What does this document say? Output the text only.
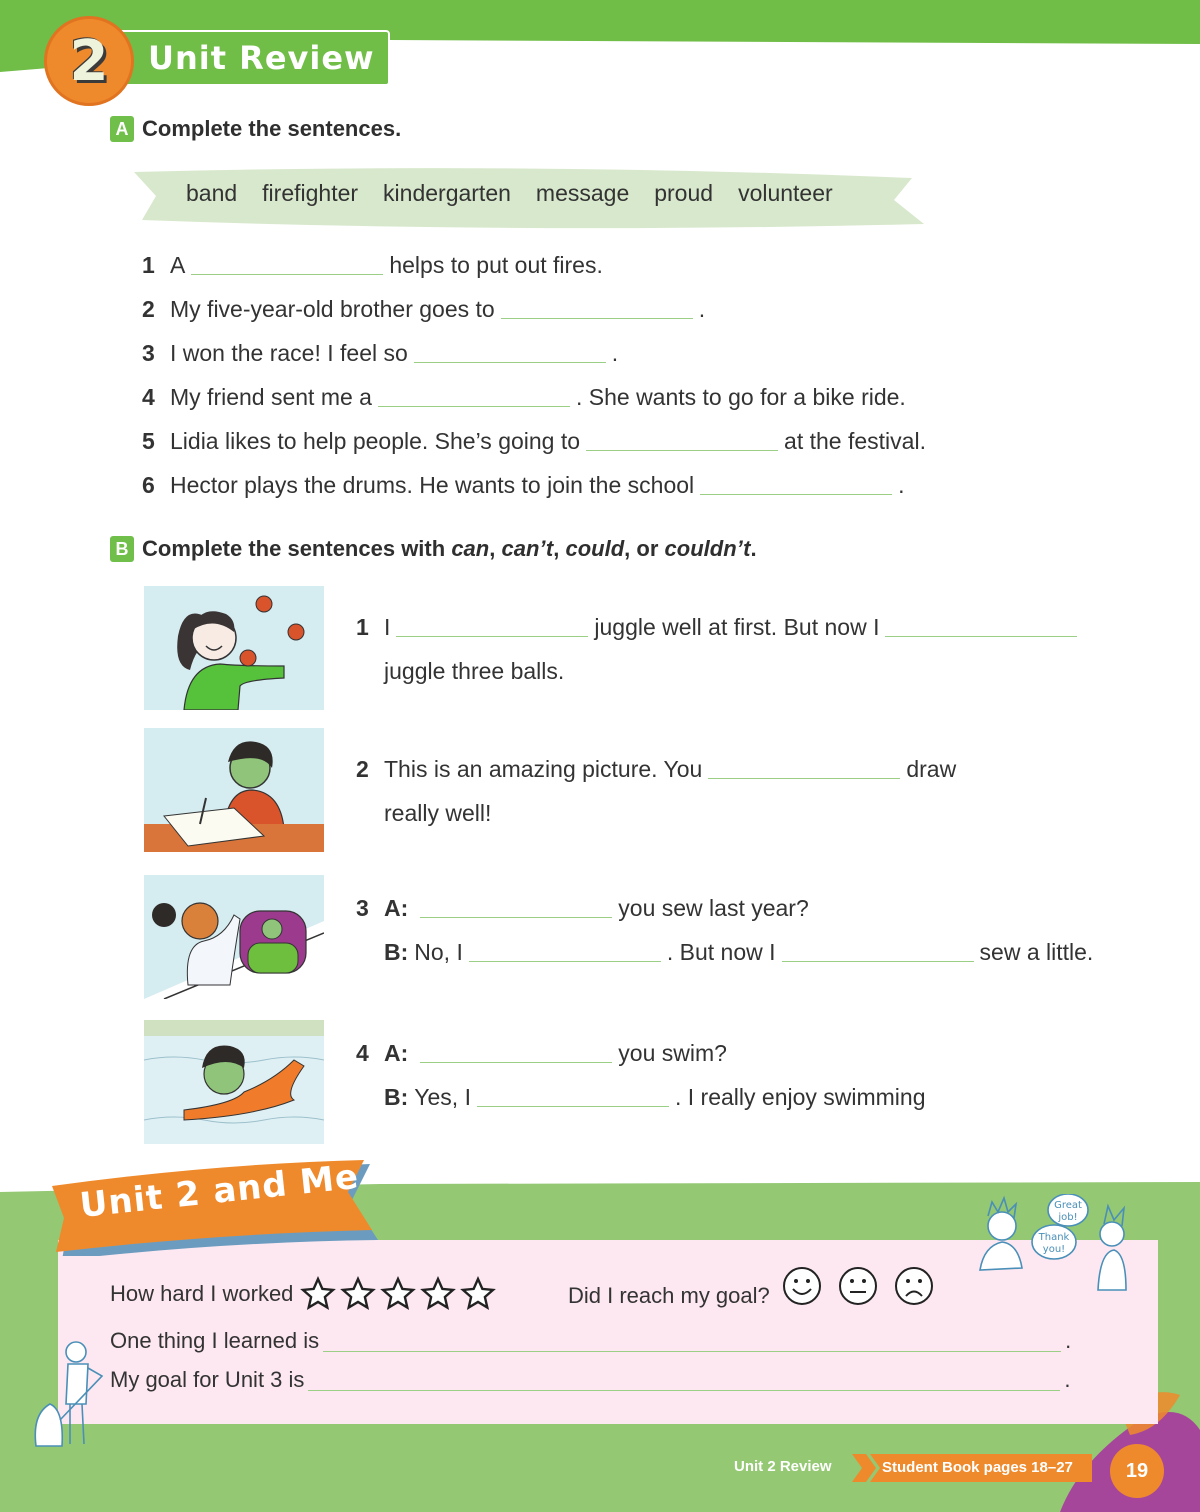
2 Unit Review
A Complete the sentences.
band firefighter kindergarten message proud volunteer
1 A	helps to put out fires.
2 My five-year-old brother goes to	.
3 I won the race! I feel so	.
4 My friend sent me a	. She wants to go for a bike ride.
5 Lidia likes to help people. She’s going to	at the festival.
6 Hector plays the drums. He wants to join the school	.
B Complete the sentences with
can ,
can’t ,
could ,
or
couldn’t .
1 I	juggle well at first. But now I
juggle three balls.
2 This is an amazing picture. You	draw
really well!
3 A:	you sew last year?
B: No, I	. But now I	sew a little.
4 A:	you swim?
B: Yes, I	. I really enjoy swimming
Unit 2 and Me
How hard I worked	Did I reach my goal?
Great
job!
Thank
you!
One thing I learned is	.
My goal for Unit 3 is	.
Unit 2 Review	Student Book pages 18–27	19
